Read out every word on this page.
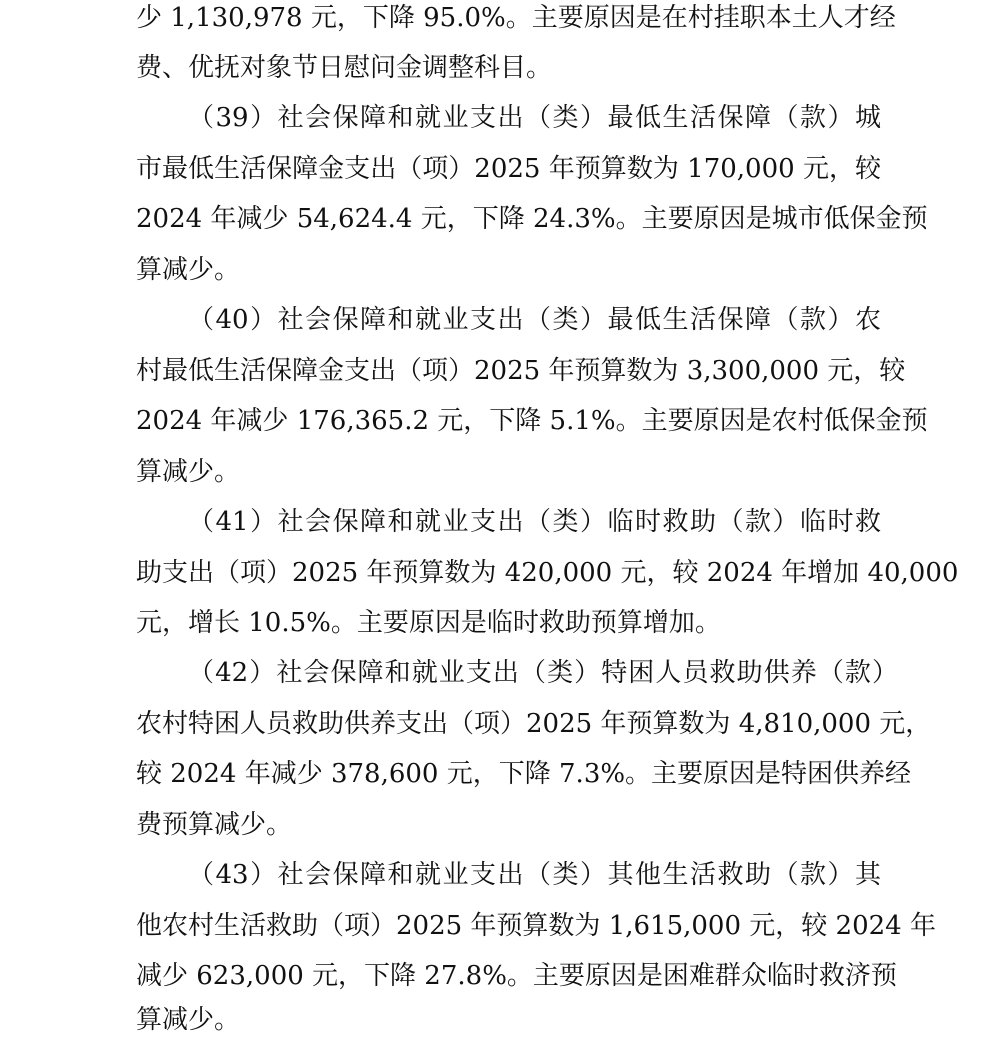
少 1,130,978 元，下降 95.0%。主要原因是在村挂职本土人才经
费、优抚对象节日慰问金调整科目。
（39）社会保障和就业支出（类）最低生活保障（款）城
市最低生活保障金支出（项）2025 年预算数为 170,000 元，较
2024 年减少 54,624.4 元，下降 24.3%。主要原因是城市低保金预
算减少。
（40）社会保障和就业支出（类）最低生活保障（款）农
村最低生活保障金支出（项）2025 年预算数为 3,300,000 元，较
2024 年减少 176,365.2 元，下降 5.1%。主要原因是农村低保金预
算减少。
（41）社会保障和就业支出（类）临时救助（款）临时救
助支出（项）2025 年预算数为 420,000 元，较 2024 年增加 40,000
元，增长 10.5%。主要原因是临时救助预算增加。
（42）社会保障和就业支出（类）特困人员救助供养（款）
农村特困人员救助供养支出（项）2025 年预算数为 4,810,000 元，
较 2024 年减少 378,600 元，下降 7.3%。主要原因是特困供养经
费预算减少。
（43）社会保障和就业支出（类）其他生活救助（款）其
他农村生活救助（项）2025 年预算数为 1,615,000 元，较 2024 年
减少 623,000 元，下降 27.8%。主要原因是困难群众临时救济预
算减少。
